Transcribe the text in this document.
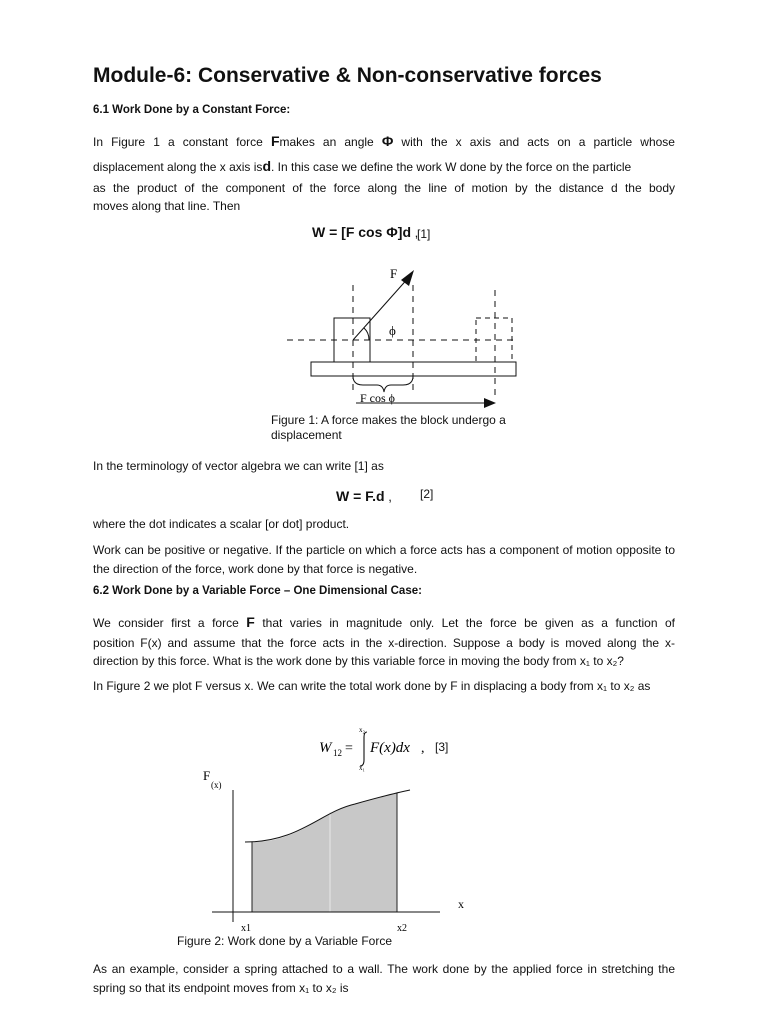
Module-6: Conservative & Non-conservative forces
6.1 Work Done by a Constant Force:
In Figure 1 a constant force Fmakes an angle Φ with the x axis and acts on a particle whose
displacement along the x axis isd. In this case we define the work W done by the force on the particle
as the product of the component of the force along the line of motion by the distance d the body
moves along that line. Then
W = [F cos Φ]d ,
[1]
F
ϕ
F cos ϕ
Figure 1: A force makes the block undergo a displacement
In the terminology of vector algebra we can write [1] as
W = F.d , [2]
where the dot indicates a scalar [or dot] product.
Work can be positive or negative. If the particle on which a force acts has a component of motion opposite to the direction of the force, work done by that force is negative.
6.2 Work Done by a Variable Force – One Dimensional Case:
We consider first a force F that varies in magnitude only. Let the force be given as a function of
position F(x) and assume that the force acts in the x-direction. Suppose a body is moved along the x-
direction by this force. What is the work done by this variable force in moving the body from x₁ to x₂?
In Figure 2 we plot F versus x. We can write the total work done by F in displacing a body from x₁ to x₂ as
W 12 =
x₂
x₁
F(x)dx , [3]
F
(x)
x
x1	x2
Figure 2: Work done by a Variable Force
As an example, consider a spring attached to a wall. The work done by the applied force in stretching the spring so that its endpoint moves from x₁ to x₂ is
